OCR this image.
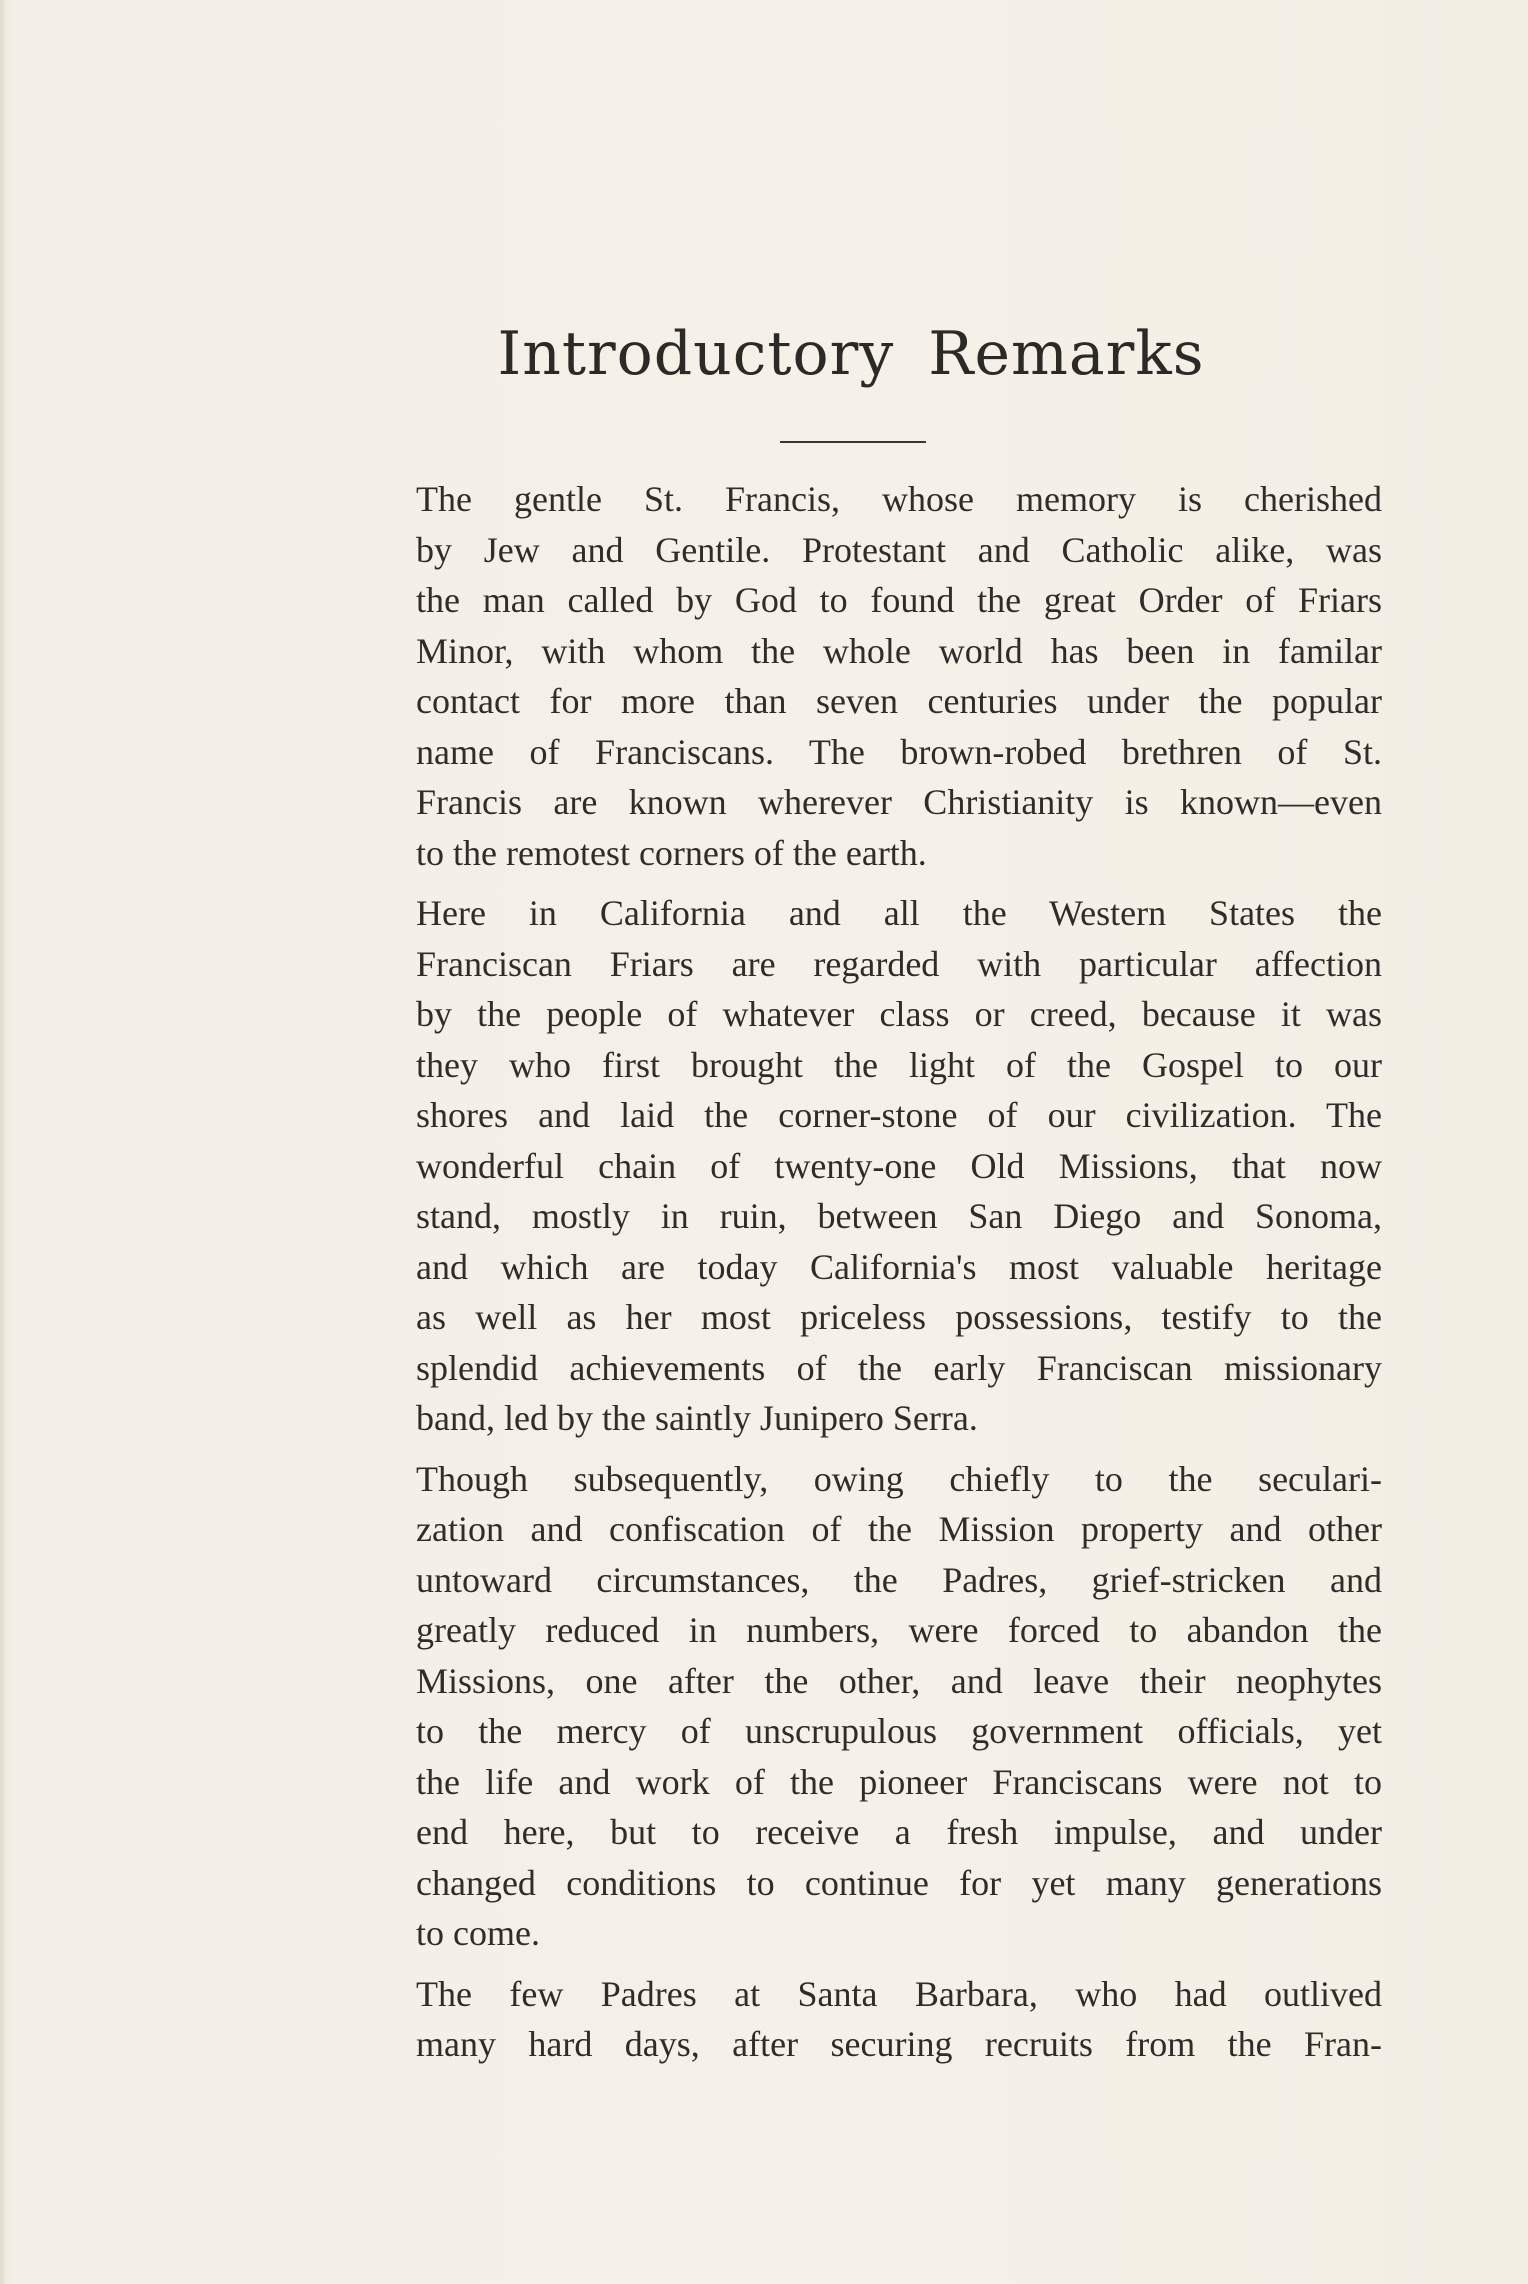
Introductory Remarks
The gentle St. Francis, whose memory is cherished
by Jew and Gentile. Protestant and Catholic alike, was
the man called by God to found the great Order of Friars
Minor, with whom the whole world has been in familar
contact for more than seven centuries under the popular
name of Franciscans. The brown-robed brethren of St.
Francis are known wherever Christianity is known—even
to the remotest corners of the earth.
Here in California and all the Western States the
Franciscan Friars are regarded with particular affection
by the people of whatever class or creed, because it was
they who first brought the light of the Gospel to our
shores and laid the corner-stone of our civilization. The
wonderful chain of twenty-one Old Missions, that now
stand, mostly in ruin, between San Diego and Sonoma,
and which are today California's most valuable heritage
as well as her most priceless possessions, testify to the
splendid achievements of the early Franciscan missionary
band, led by the saintly Junipero Serra.
Though subsequently, owing chiefly to the seculari-
zation and confiscation of the Mission property and other
untoward circumstances, the Padres, grief-stricken and
greatly reduced in numbers, were forced to abandon the
Missions, one after the other, and leave their neophytes
to the mercy of unscrupulous government officials, yet
the life and work of the pioneer Franciscans were not to
end here, but to receive a fresh impulse, and under
changed conditions to continue for yet many generations
to come.
The few Padres at Santa Barbara, who had outlived
many hard days, after securing recruits from the Fran-
